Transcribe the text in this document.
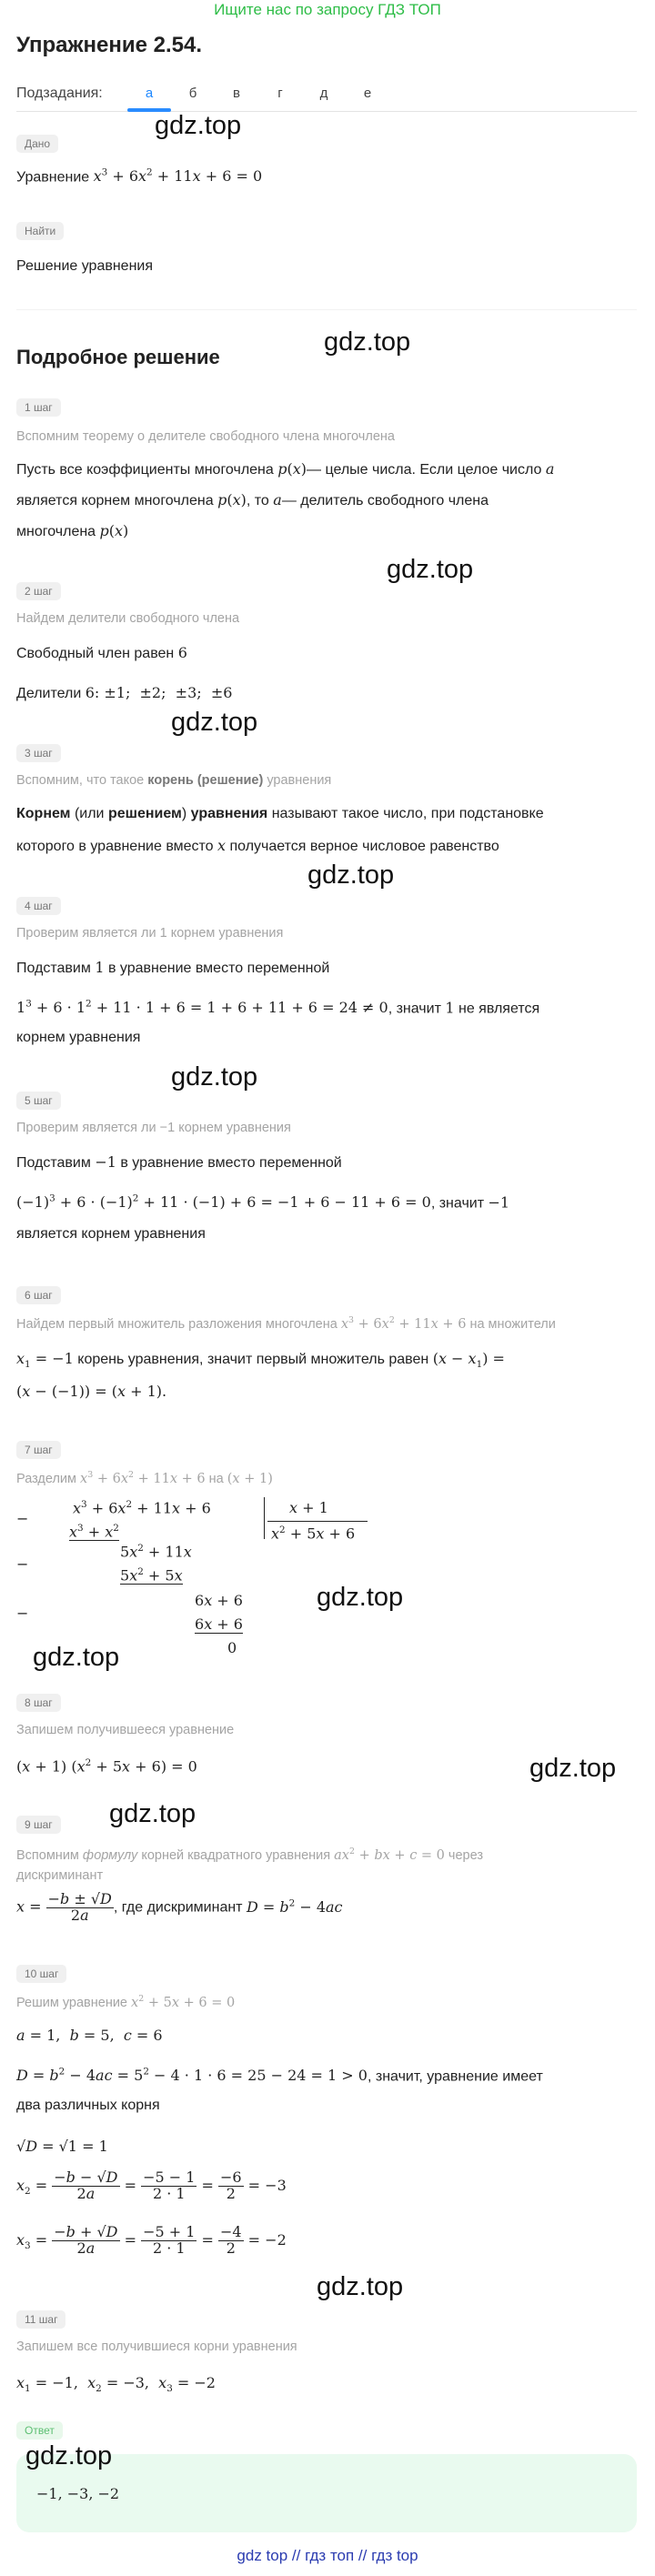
Ищите нас по запросу ГДЗ ТОП
Упражнение 2.54.
Подзадания:	а	б	в	г	д	е
Дано
Уравнение $x^3 + 6x^2 + 11x + 6 = 0$
Найти
Решение уравнения
gdz.top
gdz.top
Подробное решение
1 шаг
Вспомним теорему о делителе свободного члена многочлена
Пусть все коэффициенты многочлена p(x)— целые числа. Если целое число a
является корнем многочлена p(x), то a— делитель свободного члена
многочлена p(x)
gdz.top
2 шаг
Найдем делители свободного члена
Свободный член равен 6
Делители 6: ±1;  ±2;  ±3;  ±6
gdz.top
3 шаг
Вспомним, что такое корень (решение) уравнения
Корнем (или решением) уравнения называют такое число, при подстановке
которого в уравнение вместо x получается верное числовое равенство
gdz.top
4 шаг
Проверим является ли 1 корнем уравнения
Подставим 1 в уравнение вместо переменной
$1^3 + 6 \cdot 1^2 + 11 \cdot 1 + 6 = 1 + 6 + 11 + 6 = 24 \ne 0$, значит 1 не является
корнем уравнения
gdz.top
5 шаг
Проверим является ли −1 корнем уравнения
Подставим −1 в уравнение вместо переменной
$(-1)^3 + 6 \cdot (-1)^2 + 11 \cdot (-1) + 6 = -1 + 6 - 11 + 6 = 0$, значит −1
является корнем уравнения
6 шаг
Найдем первый множитель разложения многочлена $x^3 + 6x^2 + 11x + 6$ на множители
$x_1 = -1$ корень уравнения, значит первый множитель равен $(x - x_1)$ =
(x − (−1)) = (x + 1).
7 шаг
Разделим $x^3 + 6x^2 + 11x + 6$ на (x + 1)
−
$x^3 + 6x^2 + 11x + 6$
$x^3 + x^2$
−
$5x^2 + 11x$
$5x^2 + 5x$
−
6x + 6
6x + 6
0
x + 1
$x^2 + 5x + 6$
gdz.top
gdz.top
8 шаг
Запишем получившееся уравнение
(x + 1) $(x^2 + 5x + 6) = 0$	gdz.top
gdz.top
9 шаг
Вспомним формулу корней квадратного уравнения $ax^2$ + bx + c = 0 через
дискриминант
$x = \frac{-b \pm √D}{2a}$ , где дискриминант $D = b^2 - 4ac$
10 шаг
Решим уравнение $x^2 + 5x + 6 = 0$
a = 1,  b = 5,  c = 6
$D = b^2 - 4ac = 5^2 - 4 \cdot 1 \cdot 6 = 25 - 24 = 1 > 0$, значит, уравнение имеет
два различных корня
√D = √1 = 1
$x_2 = \frac{-b - √D}{2a} = \frac{-5 - 1}{2 \cdot 1} = \frac{-6}{2} = -3$
$x_3 = \frac{-b + √D}{2a} = \frac{-5 + 1}{2 \cdot 1} = \frac{-4}{2} = -2$
gdz.top
11 шаг
Запишем все получившиеся корни уравнения
$x_1 = -1$,  $x_2 = -3$,  $x_3 = -2$
Ответ
gdz.top
−1, −3, −2
gdz top // гдз топ // гдз top
